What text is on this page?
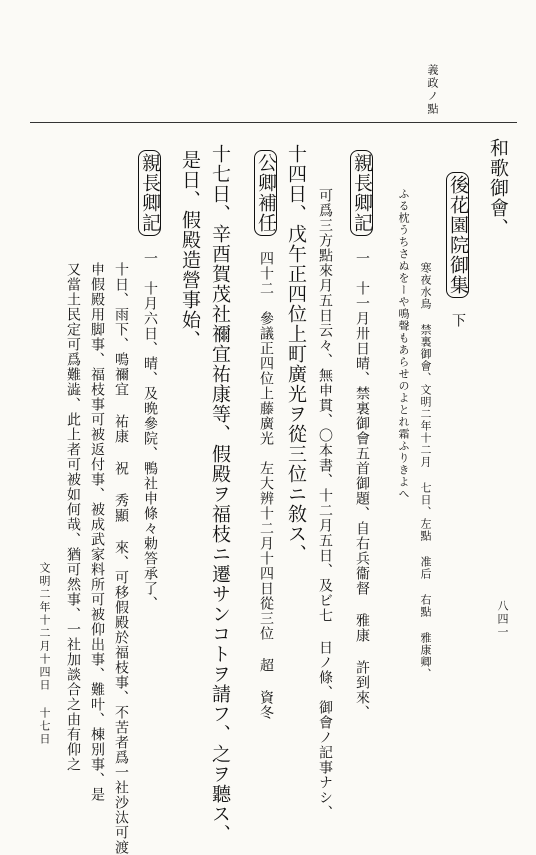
義政ノ點
和歌御會、
後花園院御集　下
寒夜水鳥 禁裏御會、文明二年十二月 七日、左點 准后 右點 雅康卿、
ふる枕うちさぬをーや鳴聲もあらせのよとれ霜ふりきよへ
親長卿記　一　十一月卅日晴、禁裏御會五首御題、自右兵衞督 雅康 許到來、
可爲三方點來月五日云々、無申貫、〇本書、十二月五日、及ビ七 日ノ條、御會ノ記事ナシ、
十四日、戊午正四位上町廣光ヲ從三位ニ敘ス、
公卿補任　四十二　參議正四位上藤廣光　左大辨十二月十四日從三位 超 資冬
十七日、辛酉賀茂社禰宜祐康等、假殿ヲ福枝ニ遷サンコトヲ請フ、之ヲ聽ス、
是日、假殿造營事始、
親長卿記　一　十月六日、晴、及晩參院、鴨社申條々勅答承了、
十日、雨下、鳴禰宜 祐康 祝 秀顯 來、可移假殿於福枝事、不苦者爲一社沙汰可渡
申假殿用脚事、福枝事可被返付事、被成武家料所可被仰出事、難叶、棟別事、是
又當土民定可爲難澁、此上者可被如何哉、猶可然事、一社加談合之由有仰之
文明二年十二月十四日 十七日	八四一
